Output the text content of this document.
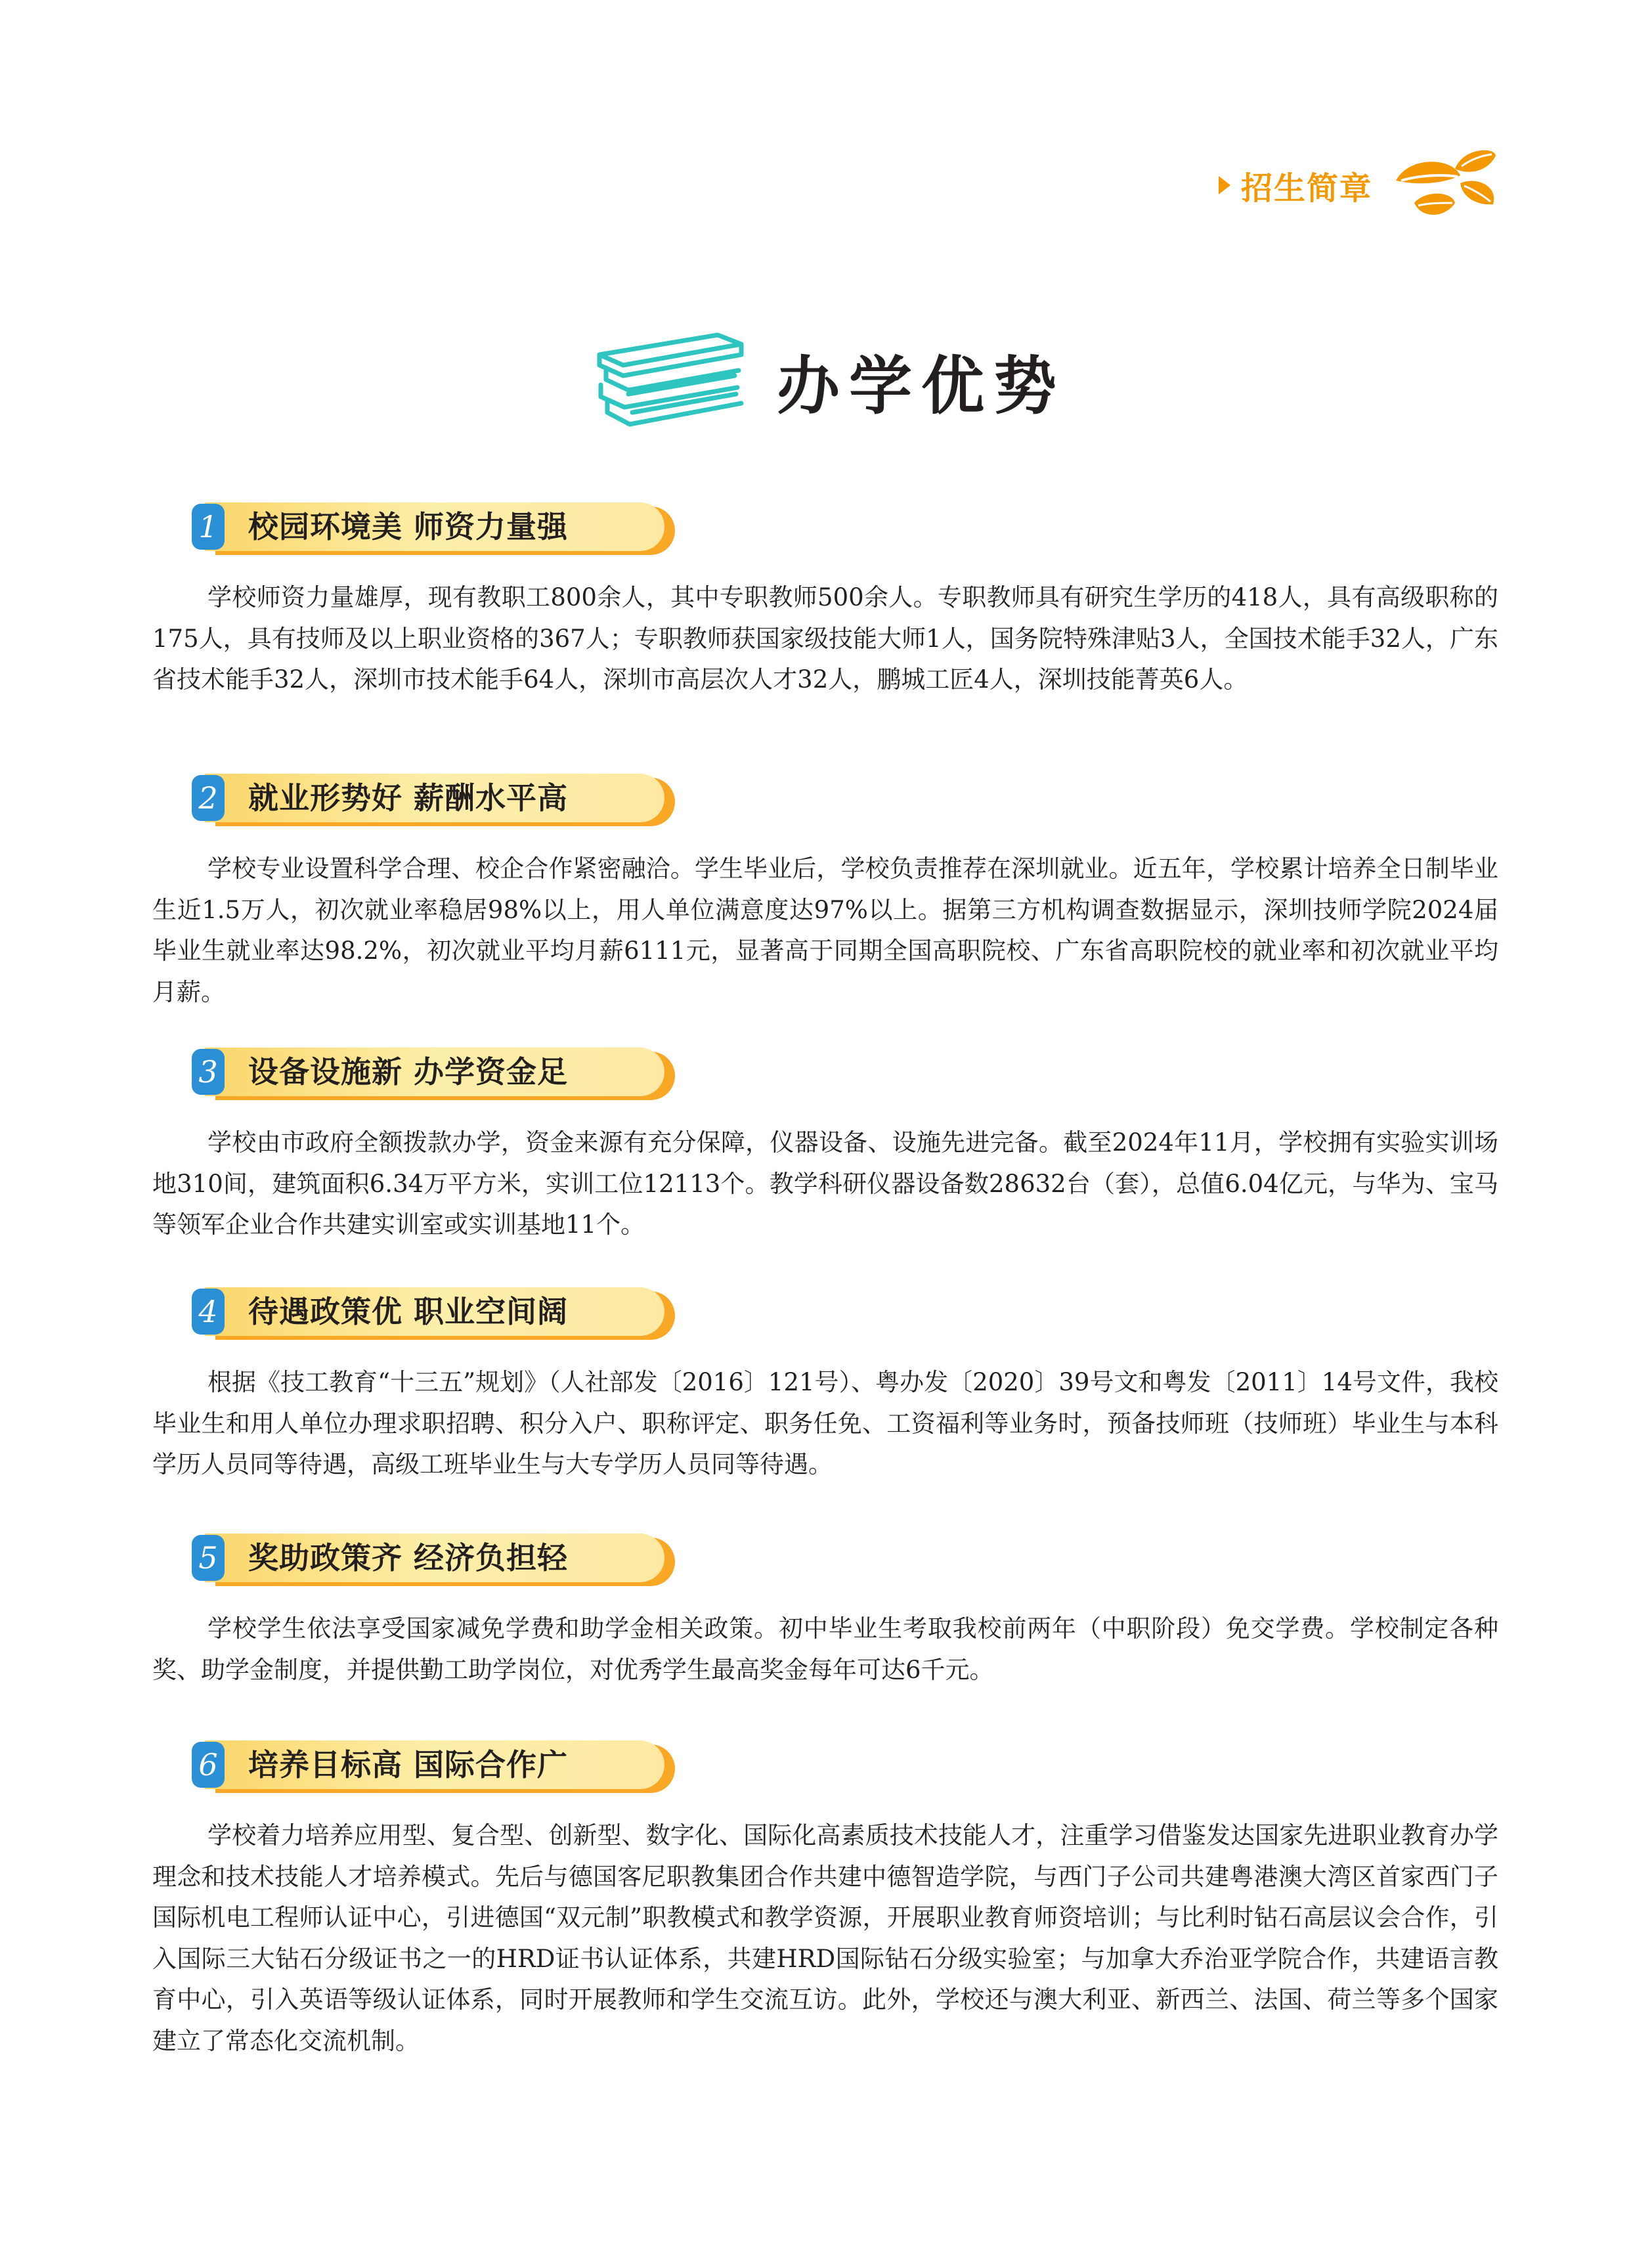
招生简章
办学优势
1 校园环境美 师资力量强

学校师资力量雄厚，现有教职工800余人，其中专职教师500余人。专职教师具有研究生学历的418人，具有高级职称的175人，具有技师及以上职业资格的367人；专职教师获国家级技能大师1人，国务院特殊津贴3人，全国技术能手32人，广东省技术能手32人，深圳市技术能手64人，深圳市高层次人才32人，鹏城工匠4人，深圳技能菁英6人。

2 就业形势好 薪酬水平高

学校专业设置科学合理、校企合作紧密融洽。学生毕业后，学校负责推荐在深圳就业。近五年，学校累计培养全日制毕业生近1.5万人，初次就业率稳居98%以上，用人单位满意度达97%以上。据第三方机构调查数据显示，深圳技师学院2024届毕业生就业率达98.2%，初次就业平均月薪6111元，显著高于同期全国高职院校、广东省高职院校的就业率和初次就业平均月薪。

3 设备设施新 办学资金足

学校由市政府全额拨款办学，资金来源有充分保障，仪器设备、设施先进完备。截至2024年11月，学校拥有实验实训场地310间，建筑面积6.34万平方米，实训工位12113个。教学科研仪器设备数28632台（套），总值6.04亿元，与华为、宝马等领军企业合作共建实训室或实训基地11个。

4 待遇政策优 职业空间阔

根据《技工教育“十三五”规划》（人社部发〔2016〕121号）、粤办发〔2020〕39号文和粤发〔2011〕14号文件，我校毕业生和用人单位办理求职招聘、积分入户、职称评定、职务任免、工资福利等业务时，预备技师班（技师班）毕业生与本科学历人员同等待遇，高级工班毕业生与大专学历人员同等待遇。

5 奖助政策齐 经济负担轻

学校学生依法享受国家减免学费和助学金相关政策。初中毕业生考取我校前两年（中职阶段）免交学费。学校制定各种奖、助学金制度，并提供勤工助学岗位，对优秀学生最高奖金每年可达6千元。

6 培养目标高 国际合作广

学校着力培养应用型、复合型、创新型、数字化、国际化高素质技术技能人才，注重学习借鉴发达国家先进职业教育办学理念和技术技能人才培养模式。先后与德国客尼职教集团合作共建中德智造学院，与西门子公司共建粤港澳大湾区首家西门子国际机电工程师认证中心，引进德国“双元制”职教模式和教学资源，开展职业教育师资培训；与比利时钻石高层议会合作，引入国际三大钻石分级证书之一的HRD证书认证体系，共建HRD国际钻石分级实验室；与加拿大乔治亚学院合作，共建语言教育中心，引入英语等级认证体系，同时开展教师和学生交流互访。此外，学校还与澳大利亚、新西兰、法国、荷兰等多个国家建立了常态化交流机制。
